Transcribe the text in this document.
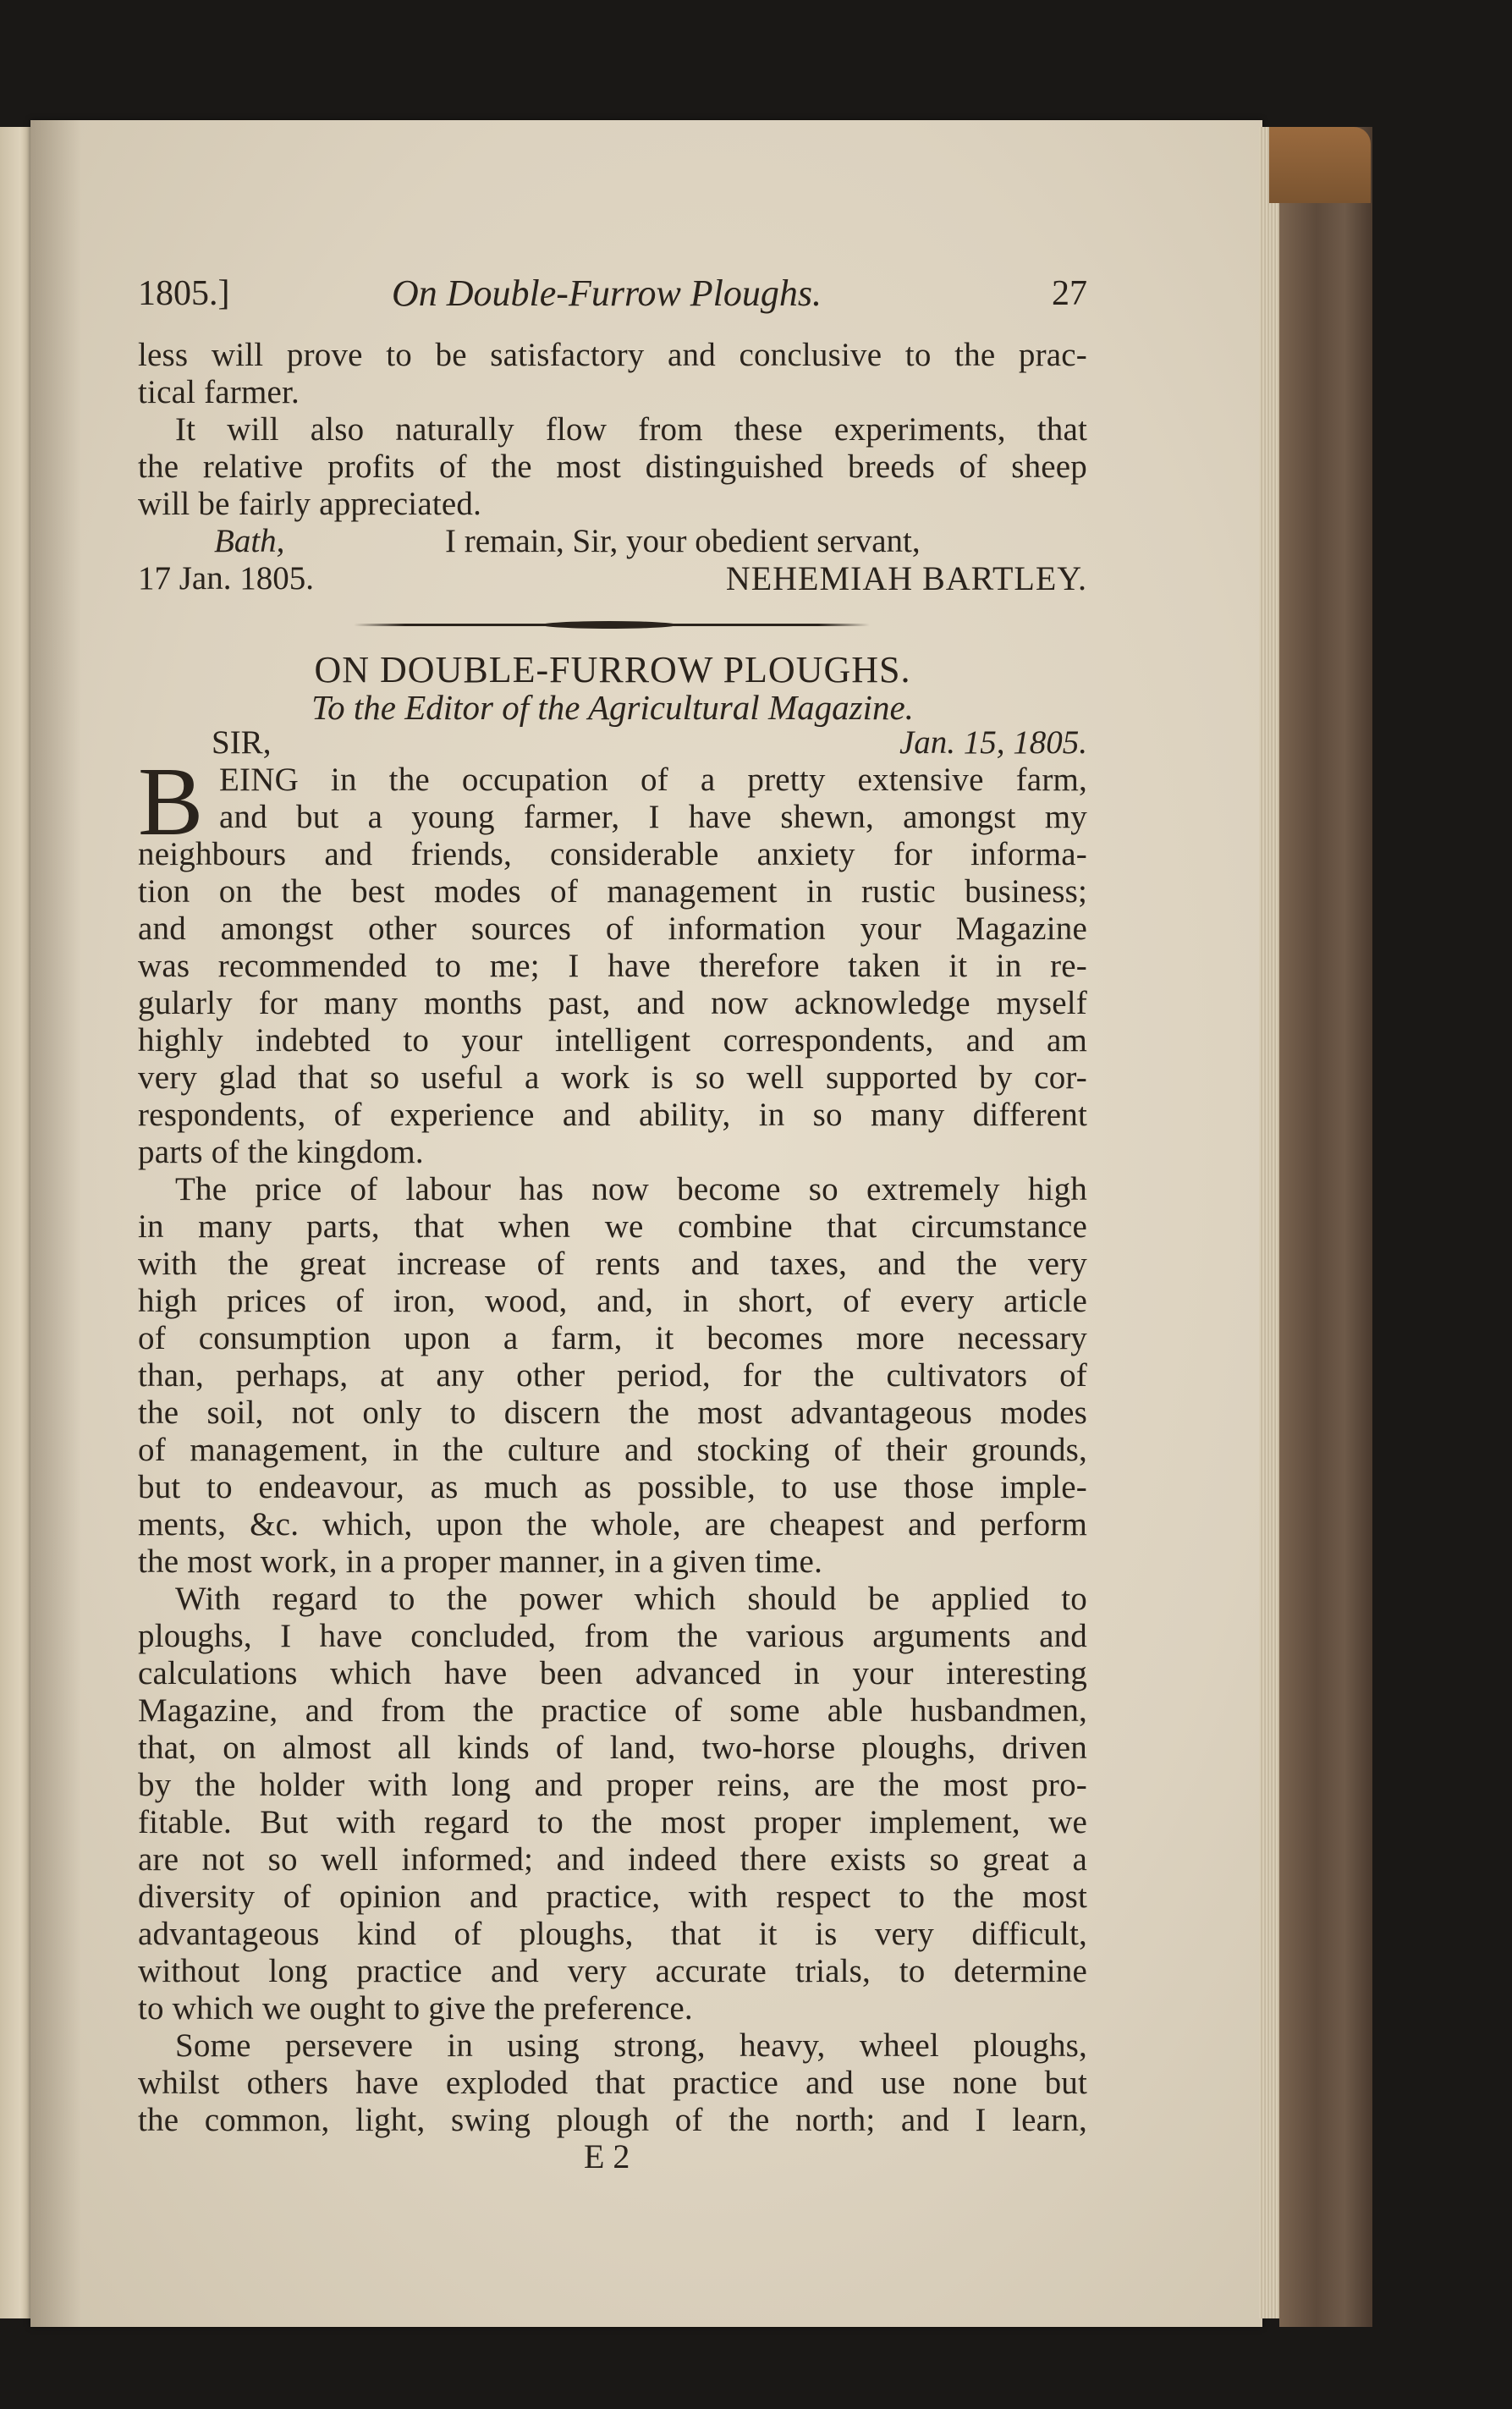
1805.]	On Double-Furrow Ploughs.	27
less will prove to be satisfactory and conclusive to the prac-
tical farmer.
It will also naturally flow from these experiments, that
the relative profits of the most distinguished breeds of sheep
will be fairly appreciated.
Bath,	I remain, Sir, your obedient servant,
17 Jan. 1805.	NEHEMIAH BARTLEY.
ON DOUBLE-FURROW PLOUGHS.
To the Editor of the Agricultural Magazine.
SIR,	Jan. 15, 1805.
B EING in the occupation of a pretty extensive farm,
and but a young farmer, I have shewn, amongst my
neighbours and friends, considerable anxiety for informa-
tion on the best modes of management in rustic business;
and amongst other sources of information your Magazine
was recommended to me; I have therefore taken it in re-
gularly for many months past, and now acknowledge myself
highly indebted to your intelligent correspondents, and am
very glad that so useful a work is so well supported by cor-
respondents, of experience and ability, in so many different
parts of the kingdom.
The price of labour has now become so extremely high
in many parts, that when we combine that circumstance
with the great increase of rents and taxes, and the very
high prices of iron, wood, and, in short, of every article
of consumption upon a farm, it becomes more necessary
than, perhaps, at any other period, for the cultivators of
the soil, not only to discern the most advantageous modes
of management, in the culture and stocking of their grounds,
but to endeavour, as much as possible, to use those imple-
ments, &c. which, upon the whole, are cheapest and perform
the most work, in a proper manner, in a given time.
With regard to the power which should be applied to
ploughs, I have concluded, from the various arguments and
calculations which have been advanced in your interesting
Magazine, and from the practice of some able husbandmen,
that, on almost all kinds of land, two-horse ploughs, driven
by the holder with long and proper reins, are the most pro-
fitable. But with regard to the most proper implement, we
are not so well informed; and indeed there exists so great a
diversity of opinion and practice, with respect to the most
advantageous kind of ploughs, that it is very difficult,
without long practice and very accurate trials, to determine
to which we ought to give the preference.
Some persevere in using strong, heavy, wheel ploughs,
whilst others have exploded that practice and use none but
the common, light, swing plough of the north; and I learn,
E 2
